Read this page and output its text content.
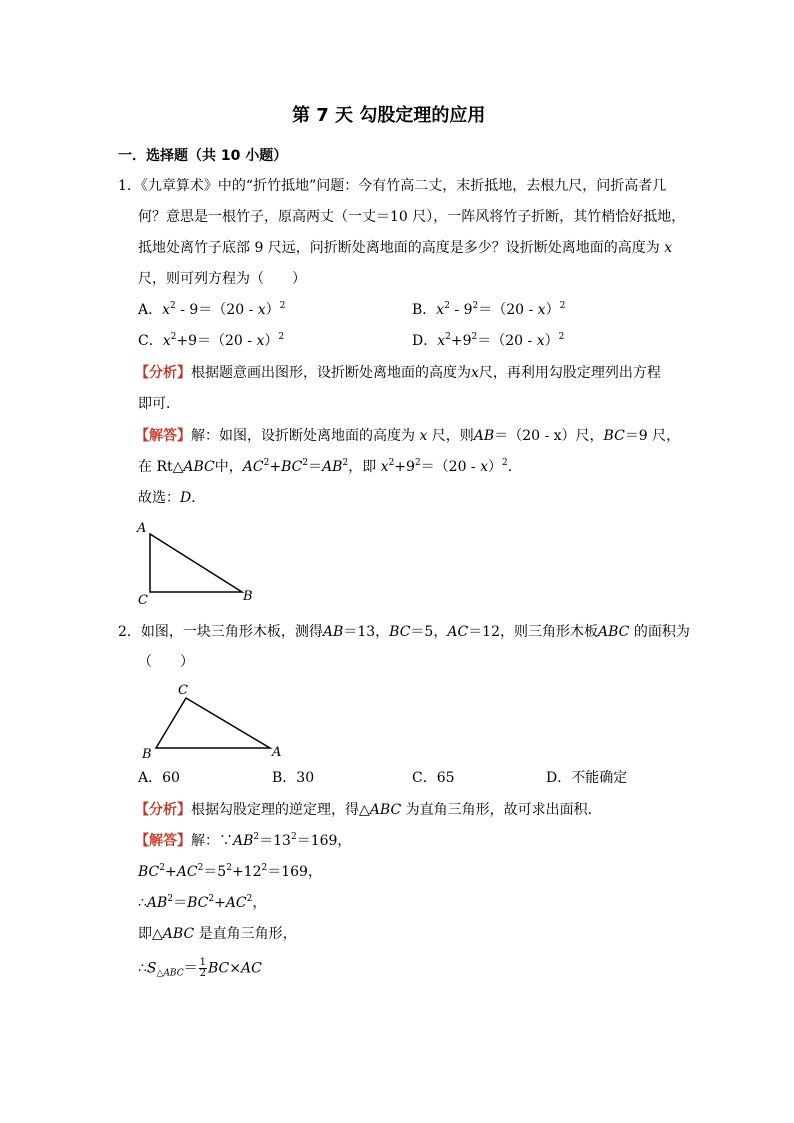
第 7 天 勾股定理的应用
一．选择题（共 10 小题）
1．《九章算术》中的“折竹抵地”问题：今有竹高二丈，末折抵地，去根九尺，问折高者几
何？意思是一根竹子，原高两丈（一丈＝10 尺），一阵风将竹子折断，其竹梢恰好抵地，
抵地处离竹子底部 9 尺远，问折断处离地面的高度是多少？设折断处离地面的高度为 x
尺，则可列方程为（　　）
A．$x^2 - 9=(20 - x)^2$	B．$x^2 - 9^2=(20 - x)^2$
C．$x^2+9=(20 - x)^2$	D．$x^2+9^2=(20 - x)^2$
【分析】根据题意画出图形，设折断处离地面的高度为x尺，再利用勾股定理列出方程
即可．
【解答】解：如图，设折断处离地面的高度为 x 尺，则AB＝（20 - x）尺，BC＝9 尺，
在 Rt△ABC中，$AC^2+BC^2=AB^2$，即 $x^2+9^2=(20 - x)^2$．
故选：D．
A
B
C
2．如图，一块三角形木板，测得AB＝13，BC＝5，AC＝12，则三角形木板ABC 的面积为
（　　）
C
B	A
A．60	B．30	C．65	D．不能确定
【分析】根据勾股定理的逆定理，得△ABC 为直角三角形，故可求出面积．
【解答】解：$\because AB^2=13^2=169$，
$BC^2+AC^2=5^2+12^2=169$，
$\therefore AB^2=BC^2+AC^2$，
即△ABC 是直角三角形，
$\therefore S_{\triangle ABC}= \frac{1}{2} BC\times AC$
